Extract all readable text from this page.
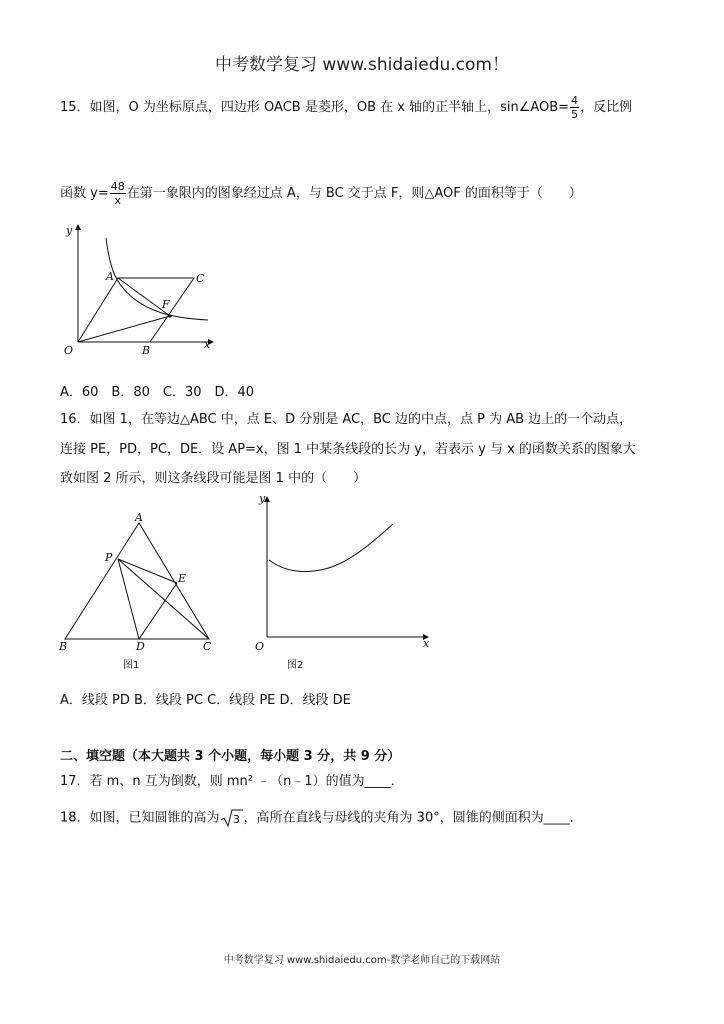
中考数学复习 www.shidaiedu.com！
15．如图，O 为坐标原点，四边形 OACB 是菱形，OB 在 x 轴的正半轴上，sin∠AOB= $\frac{4}{5}$ ，反比例
函数 $y= \frac{48}{x}$ 在第一象限内的图象经过点 A，与 BC 交于点 F，则△AOF 的面积等于（　　）
y
x
O
A	C
F
B
A．60　B．80　C．30　D．40
16．如图 1，在等边△ABC 中，点 E、D 分别是 AC，BC 边的中点，点 P 为 AB 边上的一个动点，
连接 PE，PD，PC，DE．设 AP=x，图 1 中某条线段的长为 y，若表示 y 与 x 的函数关系的图象大
致如图 2 所示，则这条线段可能是图 1 中的（　　）
A
P
E
B	D	C
图1
y
x
O
图2
A．线段 PD B．线段 PC C．线段 PE D．线段 DE
二、填空题（本大题共 3 个小题，每小题 3 分，共 9 分）
17．若 m、n 互为倒数，则 mn² ﹣（n﹣1）的值为____．
18．如图，已知圆锥的高为 3 ，高所在直线与母线的夹角为 30°，圆锥的侧面积为____．
中考数学复习 www.shidaiedu.com-数学老师自己的下载网站
